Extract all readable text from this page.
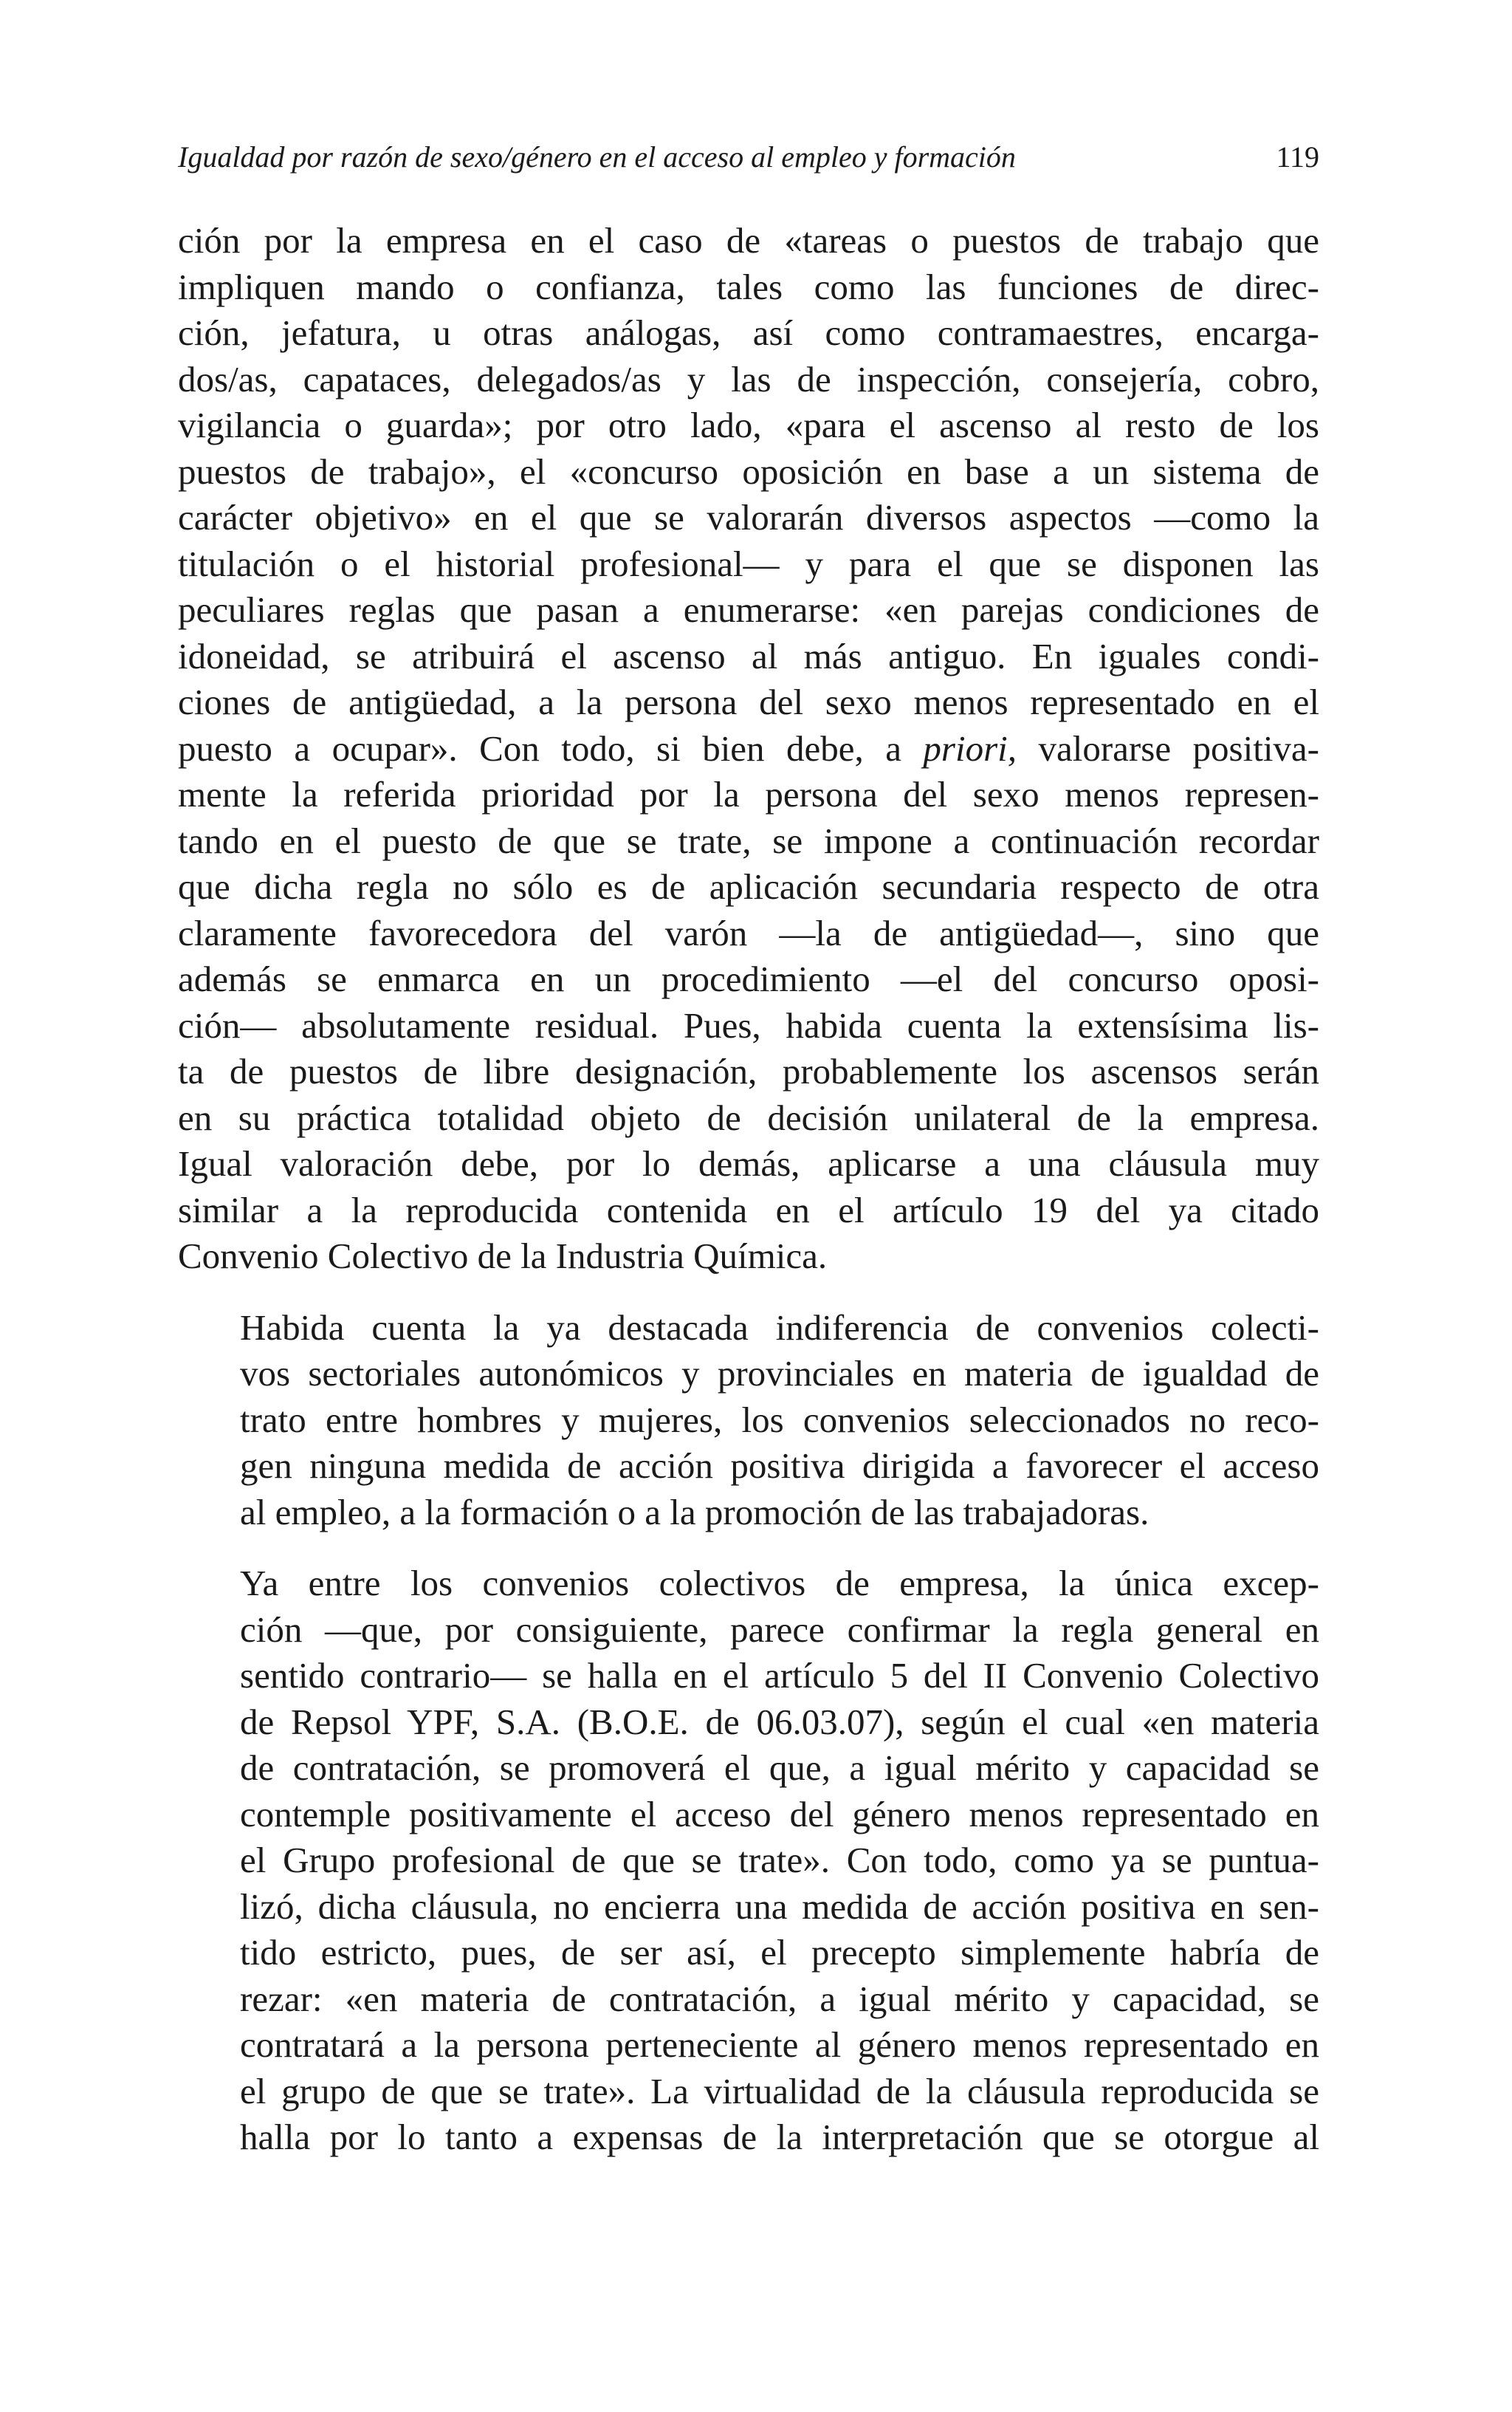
Igualdad por razón de sexo/género en el acceso al empleo y formación	119

ción por la empresa en el caso de «tareas o puestos de trabajo que
impliquen mando o confianza, tales como las funciones de direc-
ción, jefatura, u otras análogas, así como contramaestres, encarga-
dos/as, capataces, delegados/as y las de inspección, consejería, cobro,
vigilancia o guarda»; por otro lado, «para el ascenso al resto de los
puestos de trabajo», el «concurso oposición en base a un sistema de
carácter objetivo» en el que se valorarán diversos aspectos —como la
titulación o el historial profesional— y para el que se disponen las
peculiares reglas que pasan a enumerarse: «en parejas condiciones de
idoneidad, se atribuirá el ascenso al más antiguo. En iguales condi-
ciones de antigüedad, a la persona del sexo menos representado en el
puesto a ocupar». Con todo, si bien debe, a priori, valorarse positiva-
mente la referida prioridad por la persona del sexo menos represen-
tando en el puesto de que se trate, se impone a continuación recordar
que dicha regla no sólo es de aplicación secundaria respecto de otra
claramente favorecedora del varón —la de antigüedad—, sino que
además se enmarca en un procedimiento —el del concurso oposi-
ción— absolutamente residual. Pues, habida cuenta la extensísima lis-
ta de puestos de libre designación, probablemente los ascensos serán
en su práctica totalidad objeto de decisión unilateral de la empresa.
Igual valoración debe, por lo demás, aplicarse a una cláusula muy
similar a la reproducida contenida en el artículo 19 del ya citado
Convenio Colectivo de la Industria Química.

Habida cuenta la ya destacada indiferencia de convenios colecti-
vos sectoriales autonómicos y provinciales en materia de igualdad de
trato entre hombres y mujeres, los convenios seleccionados no reco-
gen ninguna medida de acción positiva dirigida a favorecer el acceso
al empleo, a la formación o a la promoción de las trabajadoras.

Ya entre los convenios colectivos de empresa, la única excep-
ción —que, por consiguiente, parece confirmar la regla general en
sentido contrario— se halla en el artículo 5 del II Convenio Colectivo
de Repsol YPF, S.A. (B.O.E. de 06.03.07), según el cual «en materia
de contratación, se promoverá el que, a igual mérito y capacidad se
contemple positivamente el acceso del género menos representado en
el Grupo profesional de que se trate». Con todo, como ya se puntua-
lizó, dicha cláusula, no encierra una medida de acción positiva en sen-
tido estricto, pues, de ser así, el precepto simplemente habría de
rezar: «en materia de contratación, a igual mérito y capacidad, se
contratará a la persona perteneciente al género menos representado en
el grupo de que se trate». La virtualidad de la cláusula reproducida se
halla por lo tanto a expensas de la interpretación que se otorgue al
